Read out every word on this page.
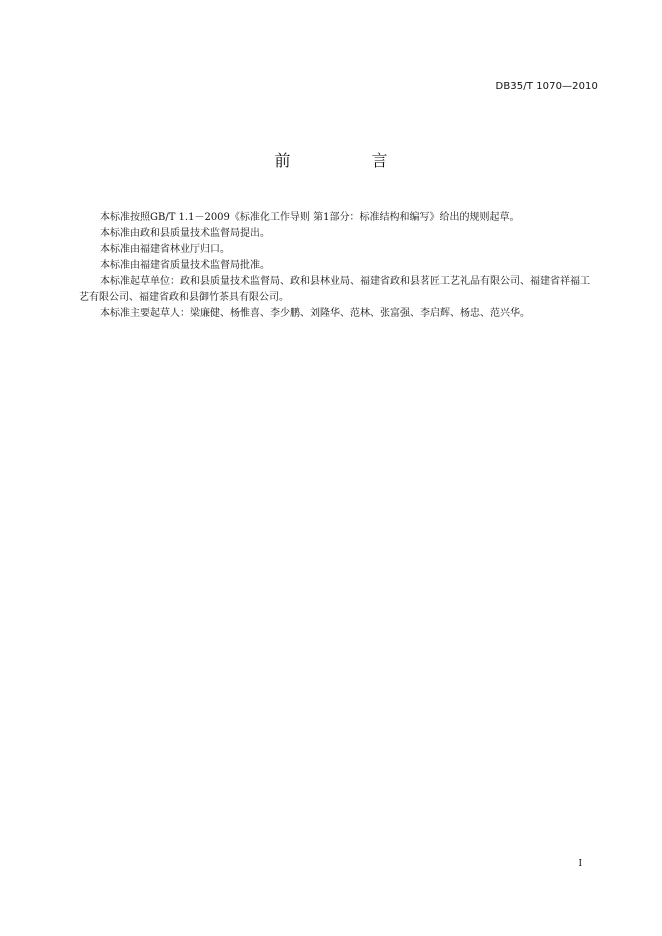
DB35/T 1070—2010
前 言

本标准按照GB/T 1.1－2009《标准化工作导则 第1部分：标准结构和编写》给出的规则起草。

本标准由政和县质量技术监督局提出。

本标准由福建省林业厅归口。

本标准由福建省质量技术监督局批准。

本标准起草单位：政和县质量技术监督局、政和县林业局、福建省政和县茗匠工艺礼品有限公司、福建省祥福工艺有限公司、福建省政和县御竹茶具有限公司。

本标准主要起草人：梁廉健、杨惟喜、李少鹏、刘隆华、范林、张富强、李启辉、杨忠、范兴华。

I
